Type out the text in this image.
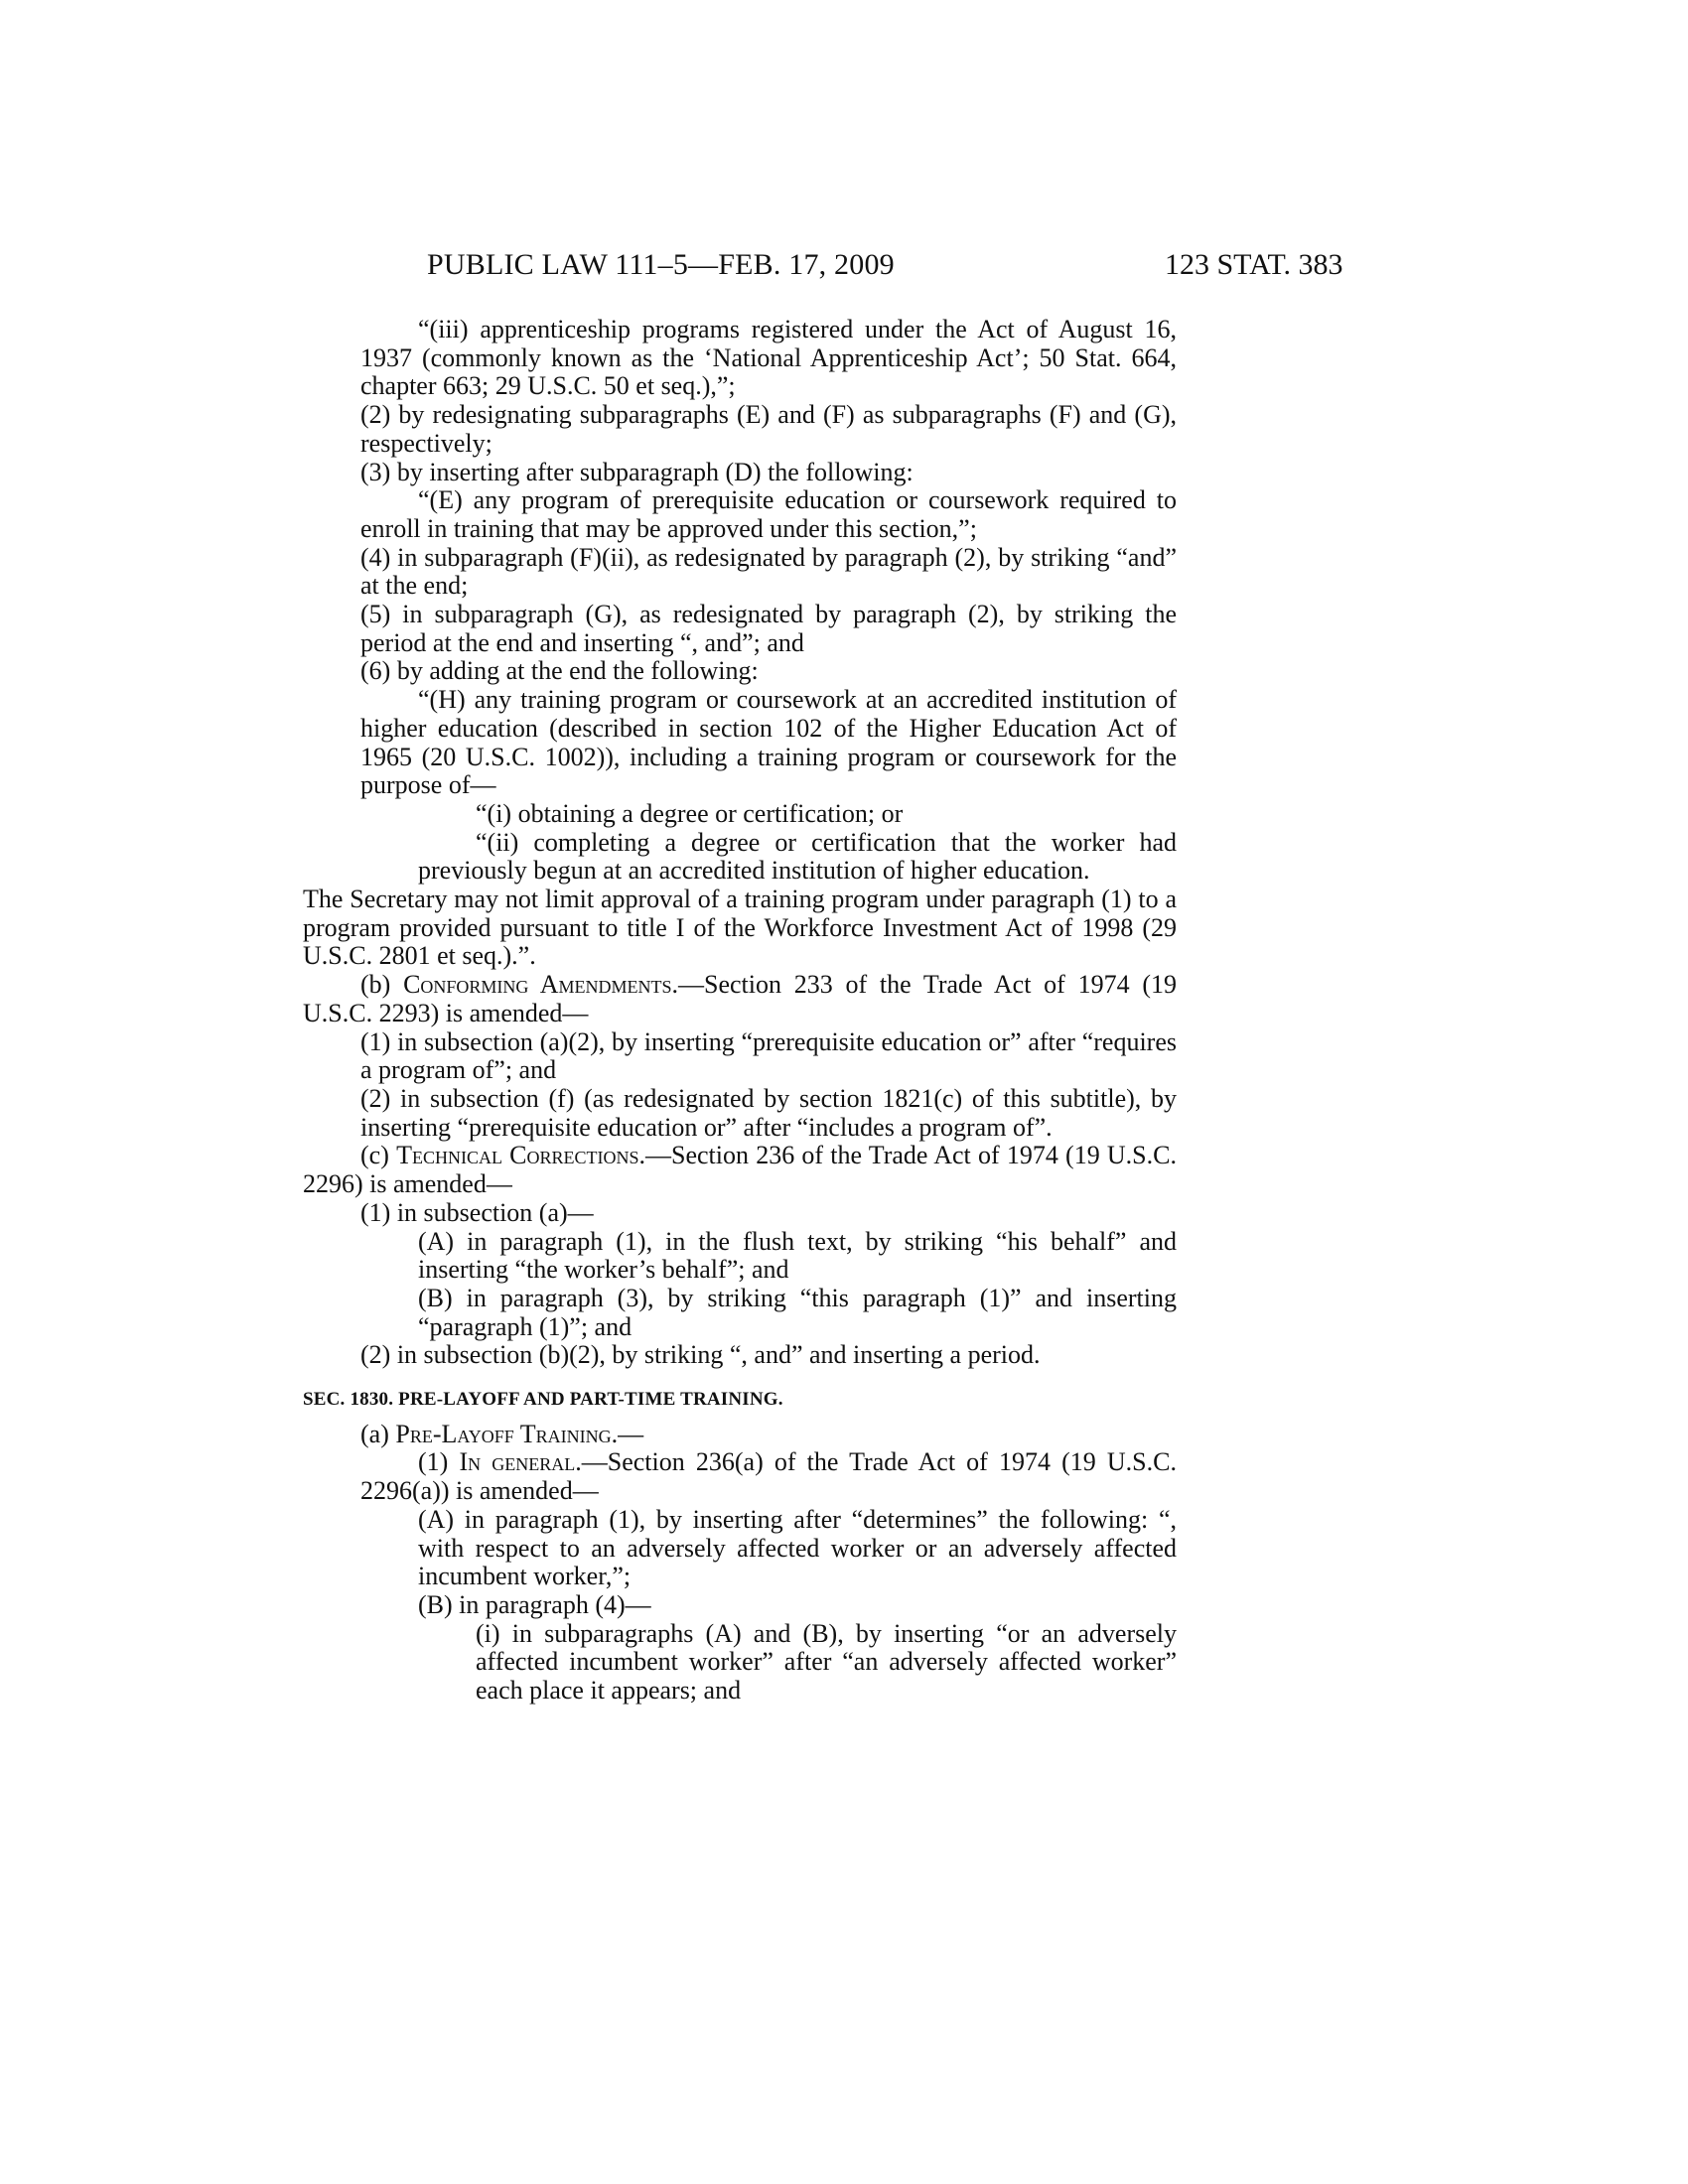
PUBLIC LAW 111–5—FEB. 17, 2009	123 STAT. 383

“(iii) apprenticeship programs registered under the Act of August 16, 1937 (commonly known as the ‘National Apprenticeship Act’; 50 Stat. 664, chapter 663; 29 U.S.C. 50 et seq.),”;

(2) by redesignating subparagraphs (E) and (F) as subparagraphs (F) and (G), respectively;

(3) by inserting after subparagraph (D) the following:

“(E) any program of prerequisite education or coursework required to enroll in training that may be approved under this section,”;

(4) in subparagraph (F)(ii), as redesignated by paragraph (2), by striking “and” at the end;

(5) in subparagraph (G), as redesignated by paragraph (2), by striking the period at the end and inserting “, and”; and

(6) by adding at the end the following:

“(H) any training program or coursework at an accredited institution of higher education (described in section 102 of the Higher Education Act of 1965 (20 U.S.C. 1002)), including a training program or coursework for the purpose of—

“(i) obtaining a degree or certification; or

“(ii) completing a degree or certification that the worker had previously begun at an accredited institution of higher education.

The Secretary may not limit approval of a training program under paragraph (1) to a program provided pursuant to title I of the Workforce Investment Act of 1998 (29 U.S.C. 2801 et seq.).”.

(b) Conforming Amendments.—Section 233 of the Trade Act of 1974 (19 U.S.C. 2293) is amended—

(1) in subsection (a)(2), by inserting “prerequisite education or” after “requires a program of”; and

(2) in subsection (f) (as redesignated by section 1821(c) of this subtitle), by inserting “prerequisite education or” after “includes a program of”.

(c) Technical Corrections.—Section 236 of the Trade Act of 1974 (19 U.S.C. 2296) is amended—

(1) in subsection (a)—

(A) in paragraph (1), in the flush text, by striking “his behalf” and inserting “the worker’s behalf”; and

(B) in paragraph (3), by striking “this paragraph (1)” and inserting “paragraph (1)”; and

(2) in subsection (b)(2), by striking “, and” and inserting a period.

SEC. 1830. PRE-LAYOFF AND PART-TIME TRAINING.

(a) Pre-Layoff Training.—

(1) In general.—Section 236(a) of the Trade Act of 1974 (19 U.S.C. 2296(a)) is amended—

(A) in paragraph (1), by inserting after “determines” the following: “, with respect to an adversely affected worker or an adversely affected incumbent worker,”;

(B) in paragraph (4)—

(i) in subparagraphs (A) and (B), by inserting “or an adversely affected incumbent worker” after “an adversely affected worker” each place it appears; and
